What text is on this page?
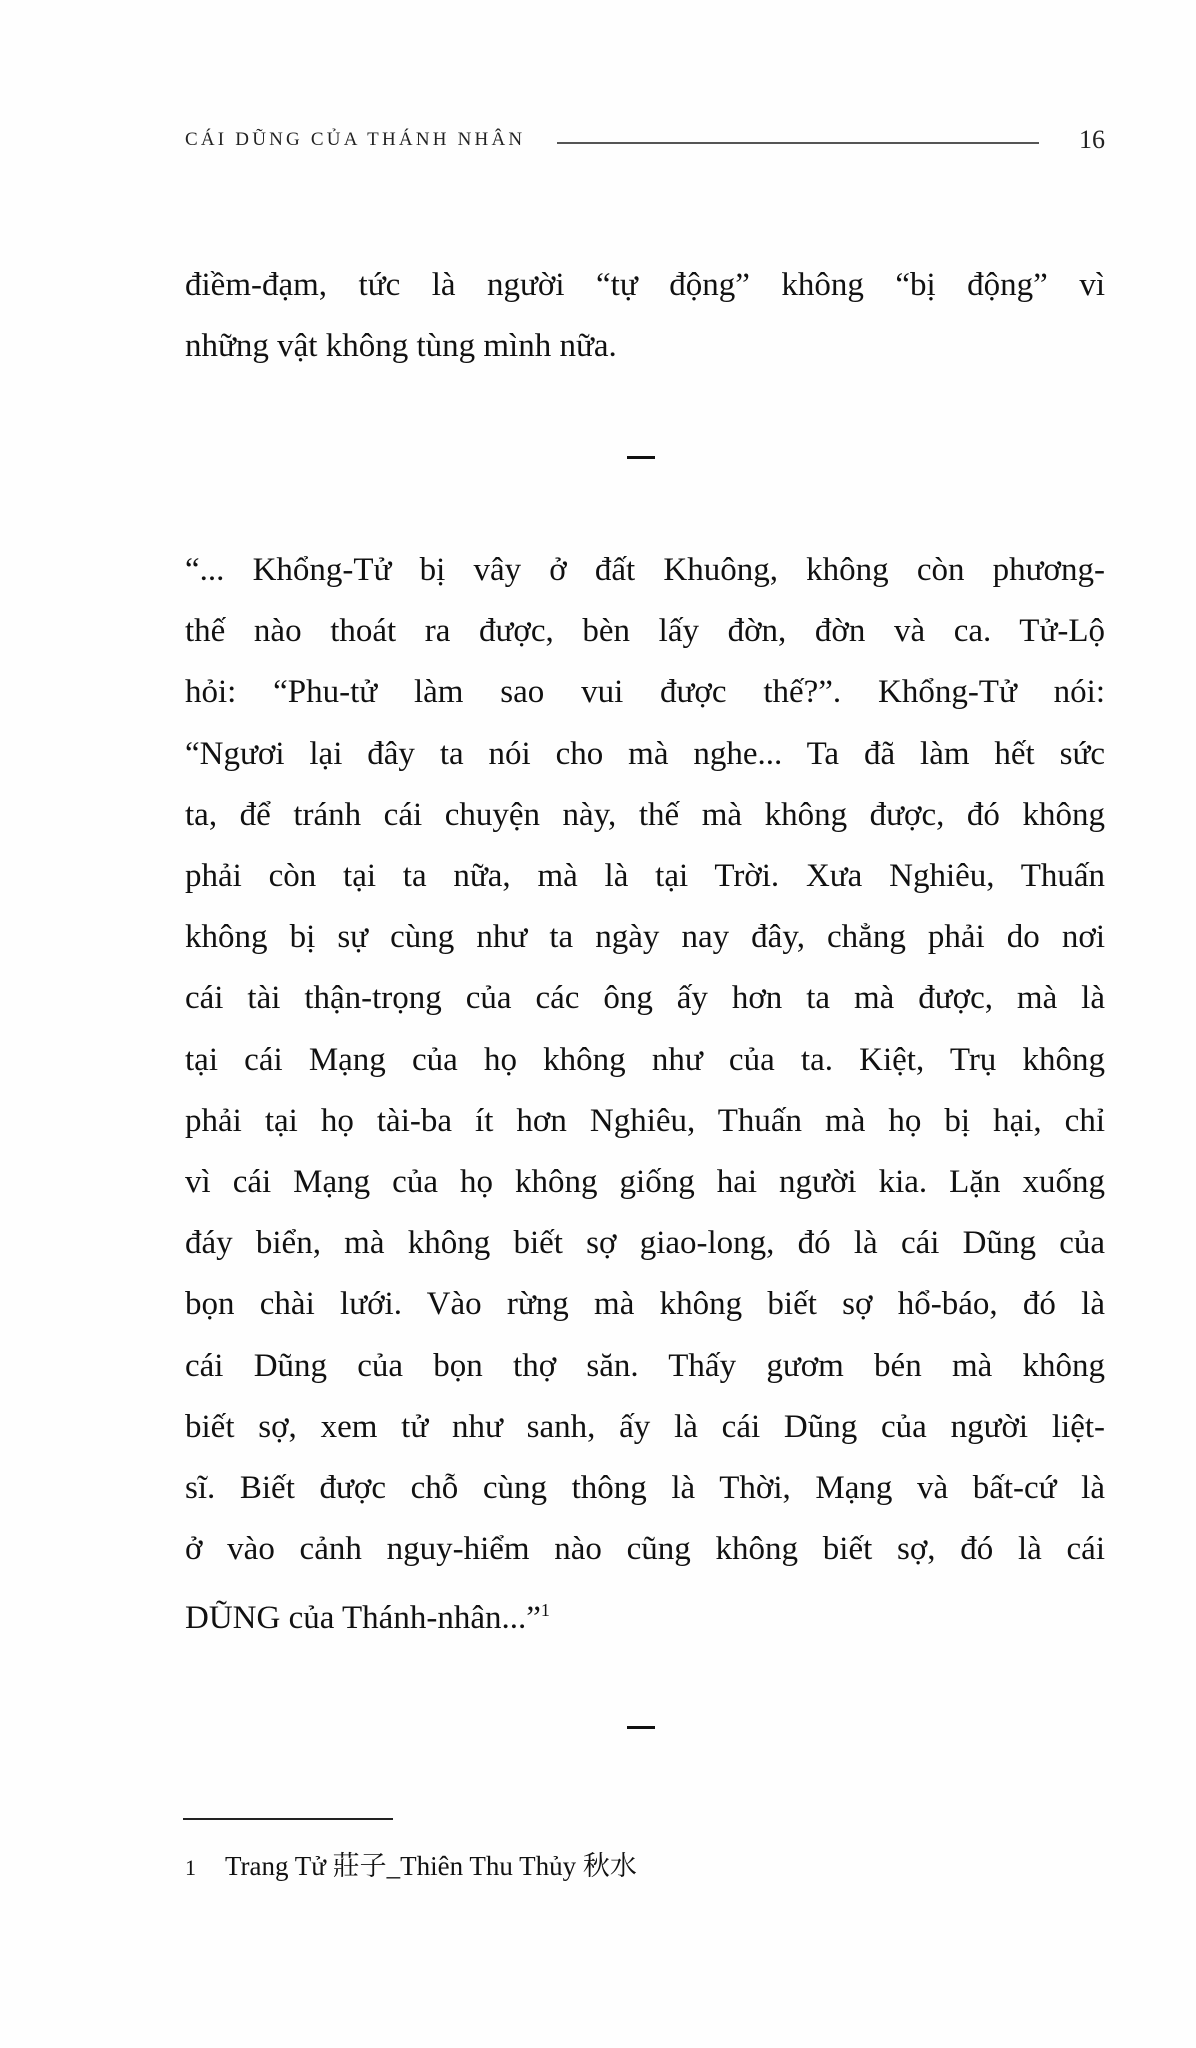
CÁI DŨNG CỦA THÁNH NHÂN	16
điềm-đạm, tức là người “tự động” không “bị động” vì
những vật không tùng mình nữa.
“... Khổng-Tử bị vây ở đất Khuông, không còn phương-
thế nào thoát ra được, bèn lấy đờn, đờn và ca. Tử-Lộ
hỏi: “Phu-tử làm sao vui được thế?”. Khổng-Tử nói:
“Ngươi lại đây ta nói cho mà nghe... Ta đã làm hết sức
ta, để tránh cái chuyện này, thế mà không được, đó không
phải còn tại ta nữa, mà là tại Trời. Xưa Nghiêu, Thuấn
không bị sự cùng như ta ngày nay đây, chẳng phải do nơi
cái tài thận-trọng của các ông ấy hơn ta mà được, mà là
tại cái Mạng của họ không như của ta. Kiệt, Trụ không
phải tại họ tài-ba ít hơn Nghiêu, Thuấn mà họ bị hại, chỉ
vì cái Mạng của họ không giống hai người kia. Lặn xuống
đáy biển, mà không biết sợ giao-long, đó là cái Dũng của
bọn chài lưới. Vào rừng mà không biết sợ hổ-báo, đó là
cái Dũng của bọn thợ săn. Thấy gươm bén mà không
biết sợ, xem tử như sanh, ấy là cái Dũng của người liệt-
sĩ. Biết được chỗ cùng thông là Thời, Mạng và bất-cứ là
ở vào cảnh nguy-hiểm nào cũng không biết sợ, đó là cái
DŨNG của Thánh-nhân...”$^1$
1 Trang Tử 莊子_Thiên Thu Thủy 秋水
